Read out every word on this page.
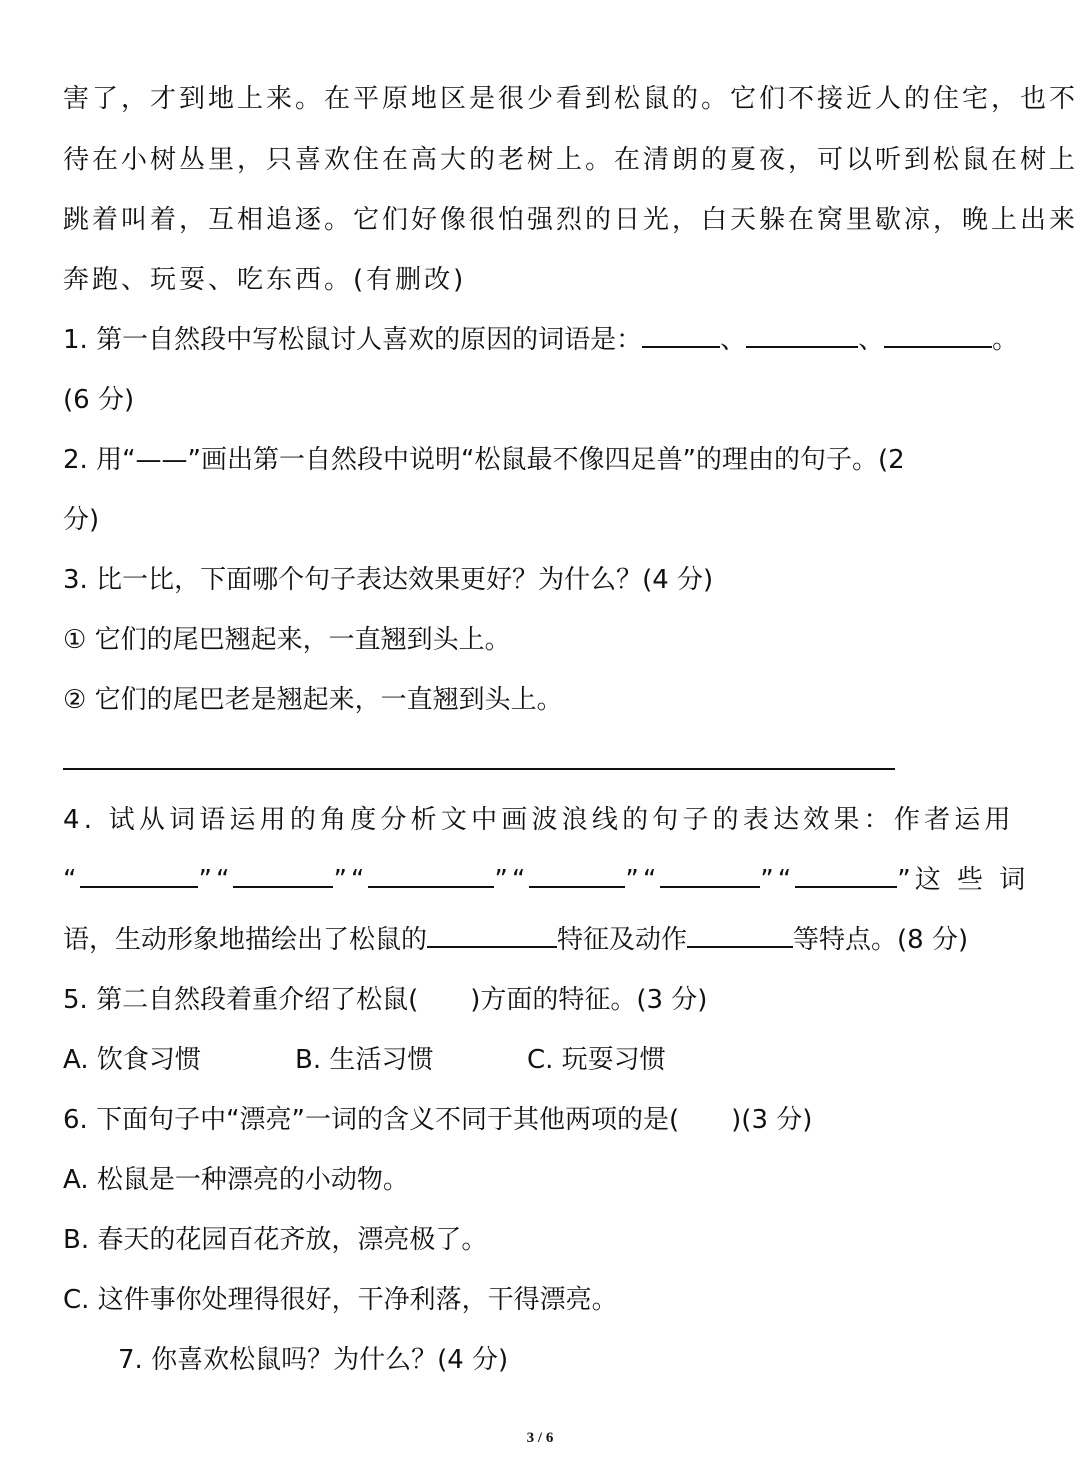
害了，才到地上来。在平原地区是很少看到松鼠的。它们不接近人的住宅，也不
待在小树丛里，只喜欢住在高大的老树上。在清朗的夏夜，可以听到松鼠在树上
跳着叫着，互相追逐。它们好像很怕强烈的日光，白天躲在窝里歇凉，晚上出来
奔跑、玩耍、吃东西。(有删改)
1. 第一自然段中写松鼠讨人喜欢的原因的词语是：	、	、	。
(6 分)
2. 用“——”画出第一自然段中说明“松鼠最不像四足兽”的理由的句子。(2
分)
3. 比一比，下面哪个句子表达效果更好？为什么？(4 分)
① 它们的尾巴翘起来，一直翘到头上。
② 它们的尾巴老是翘起来，一直翘到头上。
4. 试从词语运用的角度分析文中画波浪线的句子的表达效果：作者运用
“	”“	”“	”“	”“	”“	”这 些 词
语，生动形象地描绘出了松鼠的	特征及动作	等特点。(8 分)
5. 第二自然段着重介绍了松鼠(　　)方面的特征。(3 分)
A. 饮食习惯	B. 生活习惯	C. 玩耍习惯
6. 下面句子中“漂亮”一词的含义不同于其他两项的是(　　)(3 分)
A. 松鼠是一种漂亮的小动物。
B. 春天的花园百花齐放，漂亮极了。
C. 这件事你处理得很好，干净利落，干得漂亮。
7. 你喜欢松鼠吗？为什么？(4 分)
3 / 6
